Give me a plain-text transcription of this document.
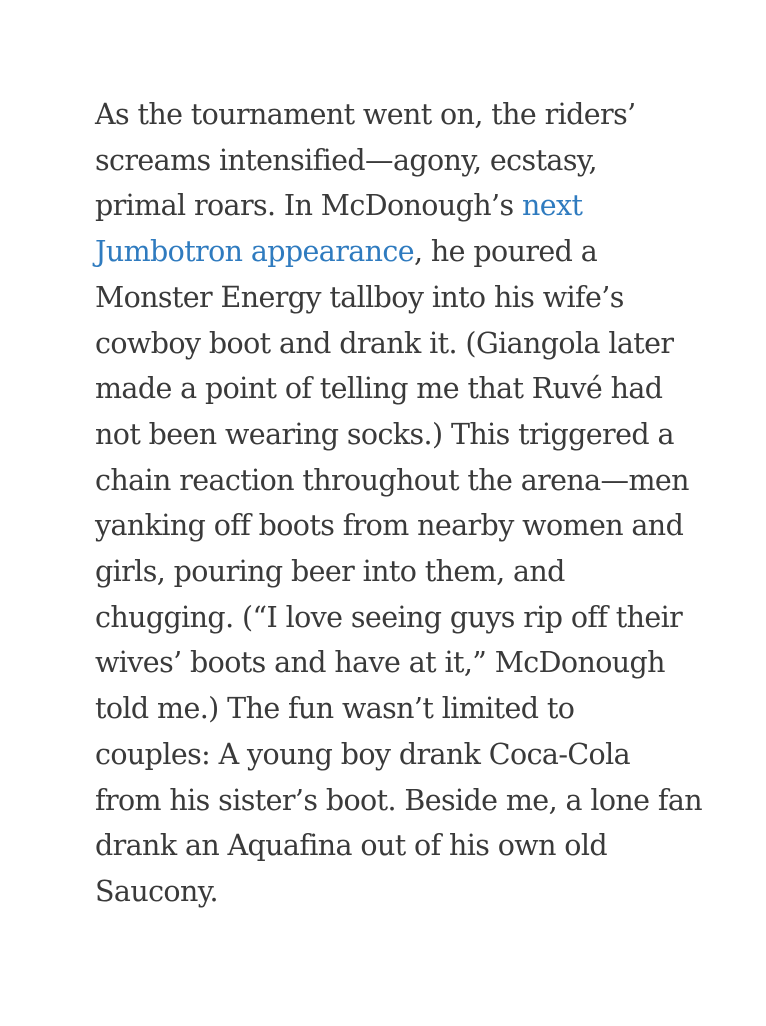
As the tournament went on, the riders’
screams intensified—agony, ecstasy,
primal roars. In McDonough’s next
Jumbotron appearance, he poured a
Monster Energy tallboy into his wife’s
cowboy boot and drank it. (Giangola later
made a point of telling me that Ruvé had
not been wearing socks.) This triggered a
chain reaction throughout the arena—men
yanking off boots from nearby women and
girls, pouring beer into them, and
chugging. (“I love seeing guys rip off their
wives’ boots and have at it,” McDonough
told me.) The fun wasn’t limited to
couples: A young boy drank Coca-Cola
from his sister’s boot. Beside me, a lone fan
drank an Aquafina out of his own old
Saucony.
